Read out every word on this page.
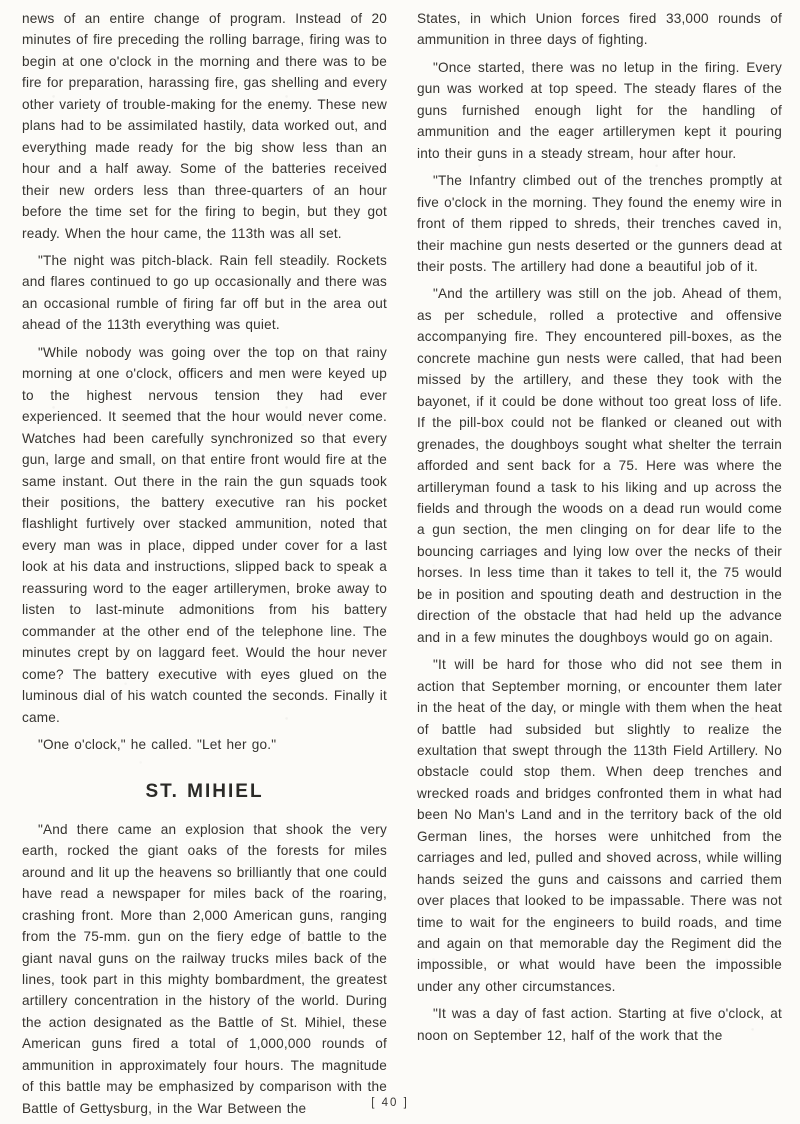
news of an entire change of program. Instead of 20 minutes of fire preceding the rolling barrage, firing was to begin at one o'clock in the morning and there was to be fire for preparation, harassing fire, gas shelling and every other variety of trouble-making for the enemy. These new plans had to be assimilated hastily, data worked out, and everything made ready for the big show less than an hour and a half away. Some of the batteries received their new orders less than three-quarters of an hour before the time set for the firing to begin, but they got ready. When the hour came, the 113th was all set.

"The night was pitch-black. Rain fell steadily. Rockets and flares continued to go up occasionally and there was an occasional rumble of firing far off but in the area out ahead of the 113th everything was quiet.

"While nobody was going over the top on that rainy morning at one o'clock, officers and men were keyed up to the highest nervous tension they had ever experienced. It seemed that the hour would never come. Watches had been carefully synchronized so that every gun, large and small, on that entire front would fire at the same instant. Out there in the rain the gun squads took their positions, the battery executive ran his pocket flashlight furtively over stacked ammunition, noted that every man was in place, dipped under cover for a last look at his data and instructions, slipped back to speak a reassuring word to the eager artillerymen, broke away to listen to last-minute admonitions from his battery commander at the other end of the telephone line. The minutes crept by on laggard feet. Would the hour never come? The battery executive with eyes glued on the luminous dial of his watch counted the seconds. Finally it came.

"One o'clock," he called. "Let her go."

ST. MIHIEL

"And there came an explosion that shook the very earth, rocked the giant oaks of the forests for miles around and lit up the heavens so brilliantly that one could have read a newspaper for miles back of the roaring, crashing front. More than 2,000 American guns, ranging from the 75-mm. gun on the fiery edge of battle to the giant naval guns on the railway trucks miles back of the lines, took part in this mighty bombardment, the greatest artillery concentration in the history of the world. During the action designated as the Battle of St. Mihiel, these American guns fired a total of 1,000,000 rounds of ammunition in approximately four hours. The magnitude of this battle may be emphasized by comparison with the Battle of Gettysburg, in the War Between the

States, in which Union forces fired 33,000 rounds of ammunition in three days of fighting.

"Once started, there was no letup in the firing. Every gun was worked at top speed. The steady flares of the guns furnished enough light for the handling of ammunition and the eager artillerymen kept it pouring into their guns in a steady stream, hour after hour.

"The Infantry climbed out of the trenches promptly at five o'clock in the morning. They found the enemy wire in front of them ripped to shreds, their trenches caved in, their machine gun nests deserted or the gunners dead at their posts. The artillery had done a beautiful job of it.

"And the artillery was still on the job. Ahead of them, as per schedule, rolled a protective and offensive accompanying fire. They encountered pill-boxes, as the concrete machine gun nests were called, that had been missed by the artillery, and these they took with the bayonet, if it could be done without too great loss of life. If the pill-box could not be flanked or cleaned out with grenades, the doughboys sought what shelter the terrain afforded and sent back for a 75. Here was where the artilleryman found a task to his liking and up across the fields and through the woods on a dead run would come a gun section, the men clinging on for dear life to the bouncing carriages and lying low over the necks of their horses. In less time than it takes to tell it, the 75 would be in position and spouting death and destruction in the direction of the obstacle that had held up the advance and in a few minutes the doughboys would go on again.

"It will be hard for those who did not see them in action that September morning, or encounter them later in the heat of the day, or mingle with them when the heat of battle had subsided but slightly to realize the exultation that swept through the 113th Field Artillery. No obstacle could stop them. When deep trenches and wrecked roads and bridges confronted them in what had been No Man's Land and in the territory back of the old German lines, the horses were unhitched from the carriages and led, pulled and shoved across, while willing hands seized the guns and caissons and carried them over places that looked to be impassable. There was not time to wait for the engineers to build roads, and time and again on that memorable day the Regiment did the impossible, or what would have been the impossible under any other circumstances.

"It was a day of fast action. Starting at five o'clock, at noon on September 12, half of the work that the

[ 40 ]
